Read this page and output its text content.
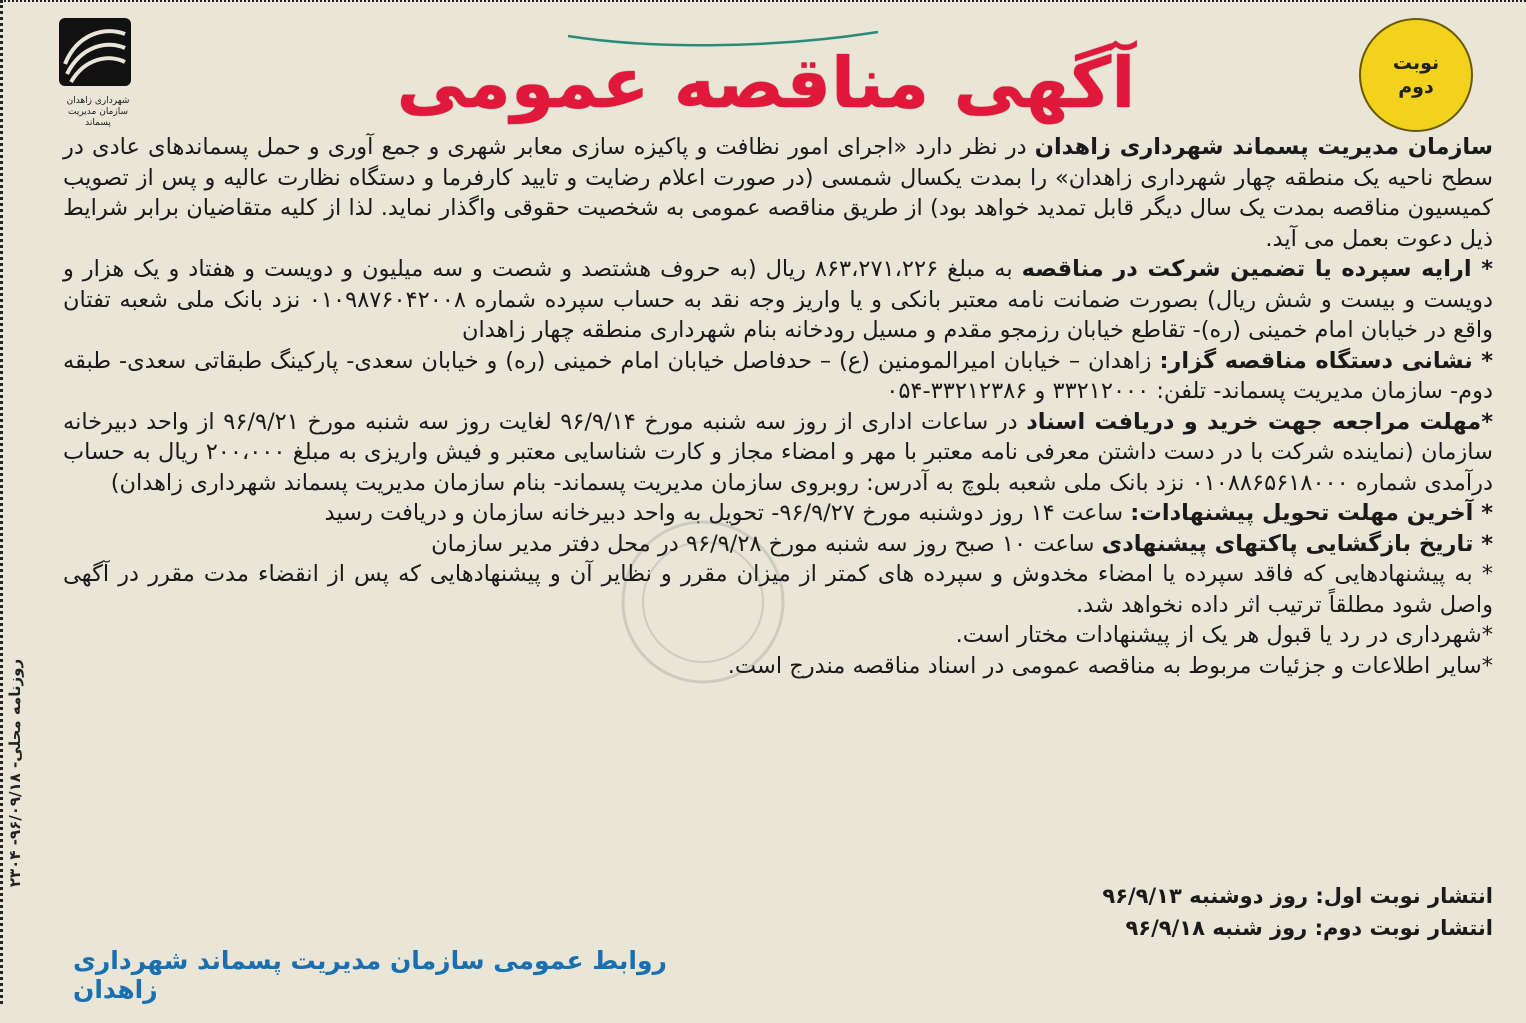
شهرداری زاهدان
سازمان مدیریت پسماند	آگهی مناقصه عمومی	نوبت
دوم

سازمان مدیریت پسماند شهرداری زاهدان در نظر دارد «اجرای امور نظافت و پاکیزه سازی معابر شهری و جمع آوری و حمل پسماندهای عادی در سطح ناحیه یک منطقه چهار شهرداری زاهدان» را بمدت یکسال شمسی (در صورت اعلام رضایت و تایید کارفرما و دستگاه نظارت عالیه و پس از تصویب کمیسیون مناقصه بمدت یک سال دیگر قابل تمدید خواهد بود) از طریق مناقصه عمومی به شخصیت حقوقی واگذار نماید. لذا از کلیه متقاضیان برابر شرایط ذیل دعوت بعمل می آید.

* ارایه سپرده یا تضمین شرکت در مناقصه به مبلغ ۸۶۳،۲۷۱،۲۲۶ ریال (به حروف هشتصد و شصت و سه میلیون و دویست و هفتاد و یک هزار و دویست و بیست و شش ریال) بصورت ضمانت نامه معتبر بانکی و یا واریز وجه نقد به حساب سپرده شماره ۰۱۰۹۸۷۶۰۴۲۰۰۸ نزد بانک ملی شعبه تفتان واقع در خیابان امام خمینی (ره)- تقاطع خیابان رزمجو مقدم و مسیل رودخانه بنام شهرداری منطقه چهار زاهدان

* نشانی دستگاه مناقصه گزار: زاهدان – خیابان امیرالمومنین (ع) – حدفاصل خیابان امام خمینی (ره) و خیابان سعدی- پارکینگ طبقاتی سعدی- طبقه دوم- سازمان مدیریت پسماند- تلفن: ۳۳۲۱۲۰۰۰ و ۳۳۲۱۲۳۸۶-۰۵۴

*مهلت مراجعه جهت خرید و دریافت اسناد در ساعات اداری از روز سه شنبه مورخ ۹۶/۹/۱۴ لغایت روز سه شنبه مورخ ۹۶/۹/۲۱ از واحد دبیرخانه سازمان (نماینده شرکت با در دست داشتن معرفی نامه معتبر با مهر و امضاء مجاز و کارت شناسایی معتبر و فیش واریزی به مبلغ ۲۰۰،۰۰۰ ریال به حساب درآمدی شماره ۰۱۰۸۸۶۵۶۱۸۰۰۰ نزد بانک ملی شعبه بلوچ به آدرس: روبروی سازمان مدیریت پسماند- بنام سازمان مدیریت پسماند شهرداری زاهدان)

* آخرین مهلت تحویل پیشنهادات: ساعت ۱۴ روز دوشنبه مورخ ۹۶/۹/۲۷- تحویل به واحد دبیرخانه سازمان و دریافت رسید

* تاریخ بازگشایی پاکتهای پیشنهادی ساعت ۱۰ صبح روز سه شنبه مورخ ۹۶/۹/۲۸ در محل دفتر مدیر سازمان

* به پیشنهادهایی که فاقد سپرده یا امضاء مخدوش و سپرده های کمتر از میزان مقرر و نظایر آن و پیشنهادهایی که پس از انقضاء مدت مقرر در آگهی واصل شود مطلقاً ترتیب اثر داده نخواهد شد.

*شهرداری در رد یا قبول هر یک از پیشنهادات مختار است.

*سایر اطلاعات و جزئیات مربوط به مناقصه عمومی در اسناد مناقصه مندرج است.

انتشار نوبت اول: روز دوشنبه ۹۶/۹/۱۳
انتشار نوبت دوم: روز شنبه ۹۶/۹/۱۸
روابط عمومی سازمان مدیریت پسماند شهرداری زاهدان
روزنامه محلی- ۹۶/۰۹/۱۸- ۲۳۰۴
